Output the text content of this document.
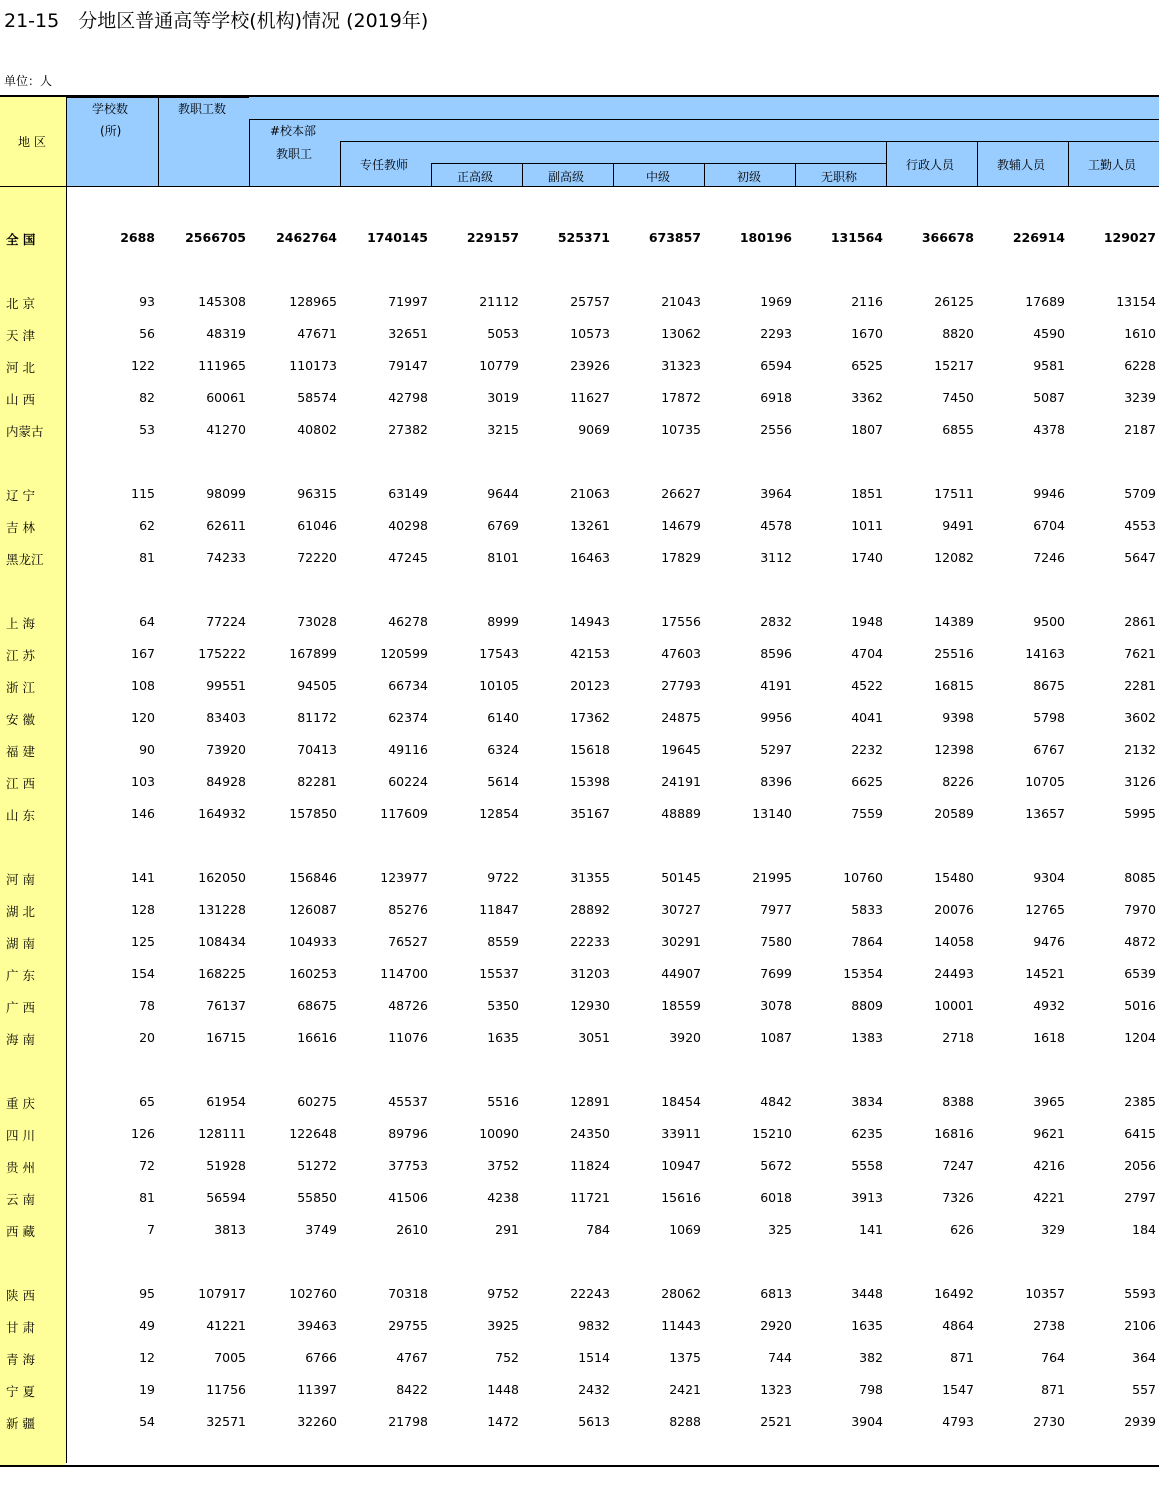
21-15　分地区普通高等学校(机构)情况 (2019年)
单位：人
地 区
学校数
(所)
教职工数
#校本部
教职工
专任教师
正高级	副高级	中级	初级	无职称
行政人员	教辅人员	工勤人员
全 国	2688	2566705	2462764	1740145	229157	525371	673857	180196	131564	366678	226914	129027
北 京	93	145308	128965	71997	21112	25757	21043	1969	2116	26125	17689	13154
天 津	56	48319	47671	32651	5053	10573	13062	2293	1670	8820	4590	1610
河 北	122	111965	110173	79147	10779	23926	31323	6594	6525	15217	9581	6228
山 西	82	60061	58574	42798	3019	11627	17872	6918	3362	7450	5087	3239
内蒙古	53	41270	40802	27382	3215	9069	10735	2556	1807	6855	4378	2187
辽 宁	115	98099	96315	63149	9644	21063	26627	3964	1851	17511	9946	5709
吉 林	62	62611	61046	40298	6769	13261	14679	4578	1011	9491	6704	4553
黑龙江	81	74233	72220	47245	8101	16463	17829	3112	1740	12082	7246	5647
上 海	64	77224	73028	46278	8999	14943	17556	2832	1948	14389	9500	2861
江 苏	167	175222	167899	120599	17543	42153	47603	8596	4704	25516	14163	7621
浙 江	108	99551	94505	66734	10105	20123	27793	4191	4522	16815	8675	2281
安 徽	120	83403	81172	62374	6140	17362	24875	9956	4041	9398	5798	3602
福 建	90	73920	70413	49116	6324	15618	19645	5297	2232	12398	6767	2132
江 西	103	84928	82281	60224	5614	15398	24191	8396	6625	8226	10705	3126
山 东	146	164932	157850	117609	12854	35167	48889	13140	7559	20589	13657	5995
河 南	141	162050	156846	123977	9722	31355	50145	21995	10760	15480	9304	8085
湖 北	128	131228	126087	85276	11847	28892	30727	7977	5833	20076	12765	7970
湖 南	125	108434	104933	76527	8559	22233	30291	7580	7864	14058	9476	4872
广 东	154	168225	160253	114700	15537	31203	44907	7699	15354	24493	14521	6539
广 西	78	76137	68675	48726	5350	12930	18559	3078	8809	10001	4932	5016
海 南	20	16715	16616	11076	1635	3051	3920	1087	1383	2718	1618	1204
重 庆	65	61954	60275	45537	5516	12891	18454	4842	3834	8388	3965	2385
四 川	126	128111	122648	89796	10090	24350	33911	15210	6235	16816	9621	6415
贵 州	72	51928	51272	37753	3752	11824	10947	5672	5558	7247	4216	2056
云 南	81	56594	55850	41506	4238	11721	15616	6018	3913	7326	4221	2797
西 藏	7	3813	3749	2610	291	784	1069	325	141	626	329	184
陕 西	95	107917	102760	70318	9752	22243	28062	6813	3448	16492	10357	5593
甘 肃	49	41221	39463	29755	3925	9832	11443	2920	1635	4864	2738	2106
青 海	12	7005	6766	4767	752	1514	1375	744	382	871	764	364
宁 夏	19	11756	11397	8422	1448	2432	2421	1323	798	1547	871	557
新 疆	54	32571	32260	21798	1472	5613	8288	2521	3904	4793	2730	2939
